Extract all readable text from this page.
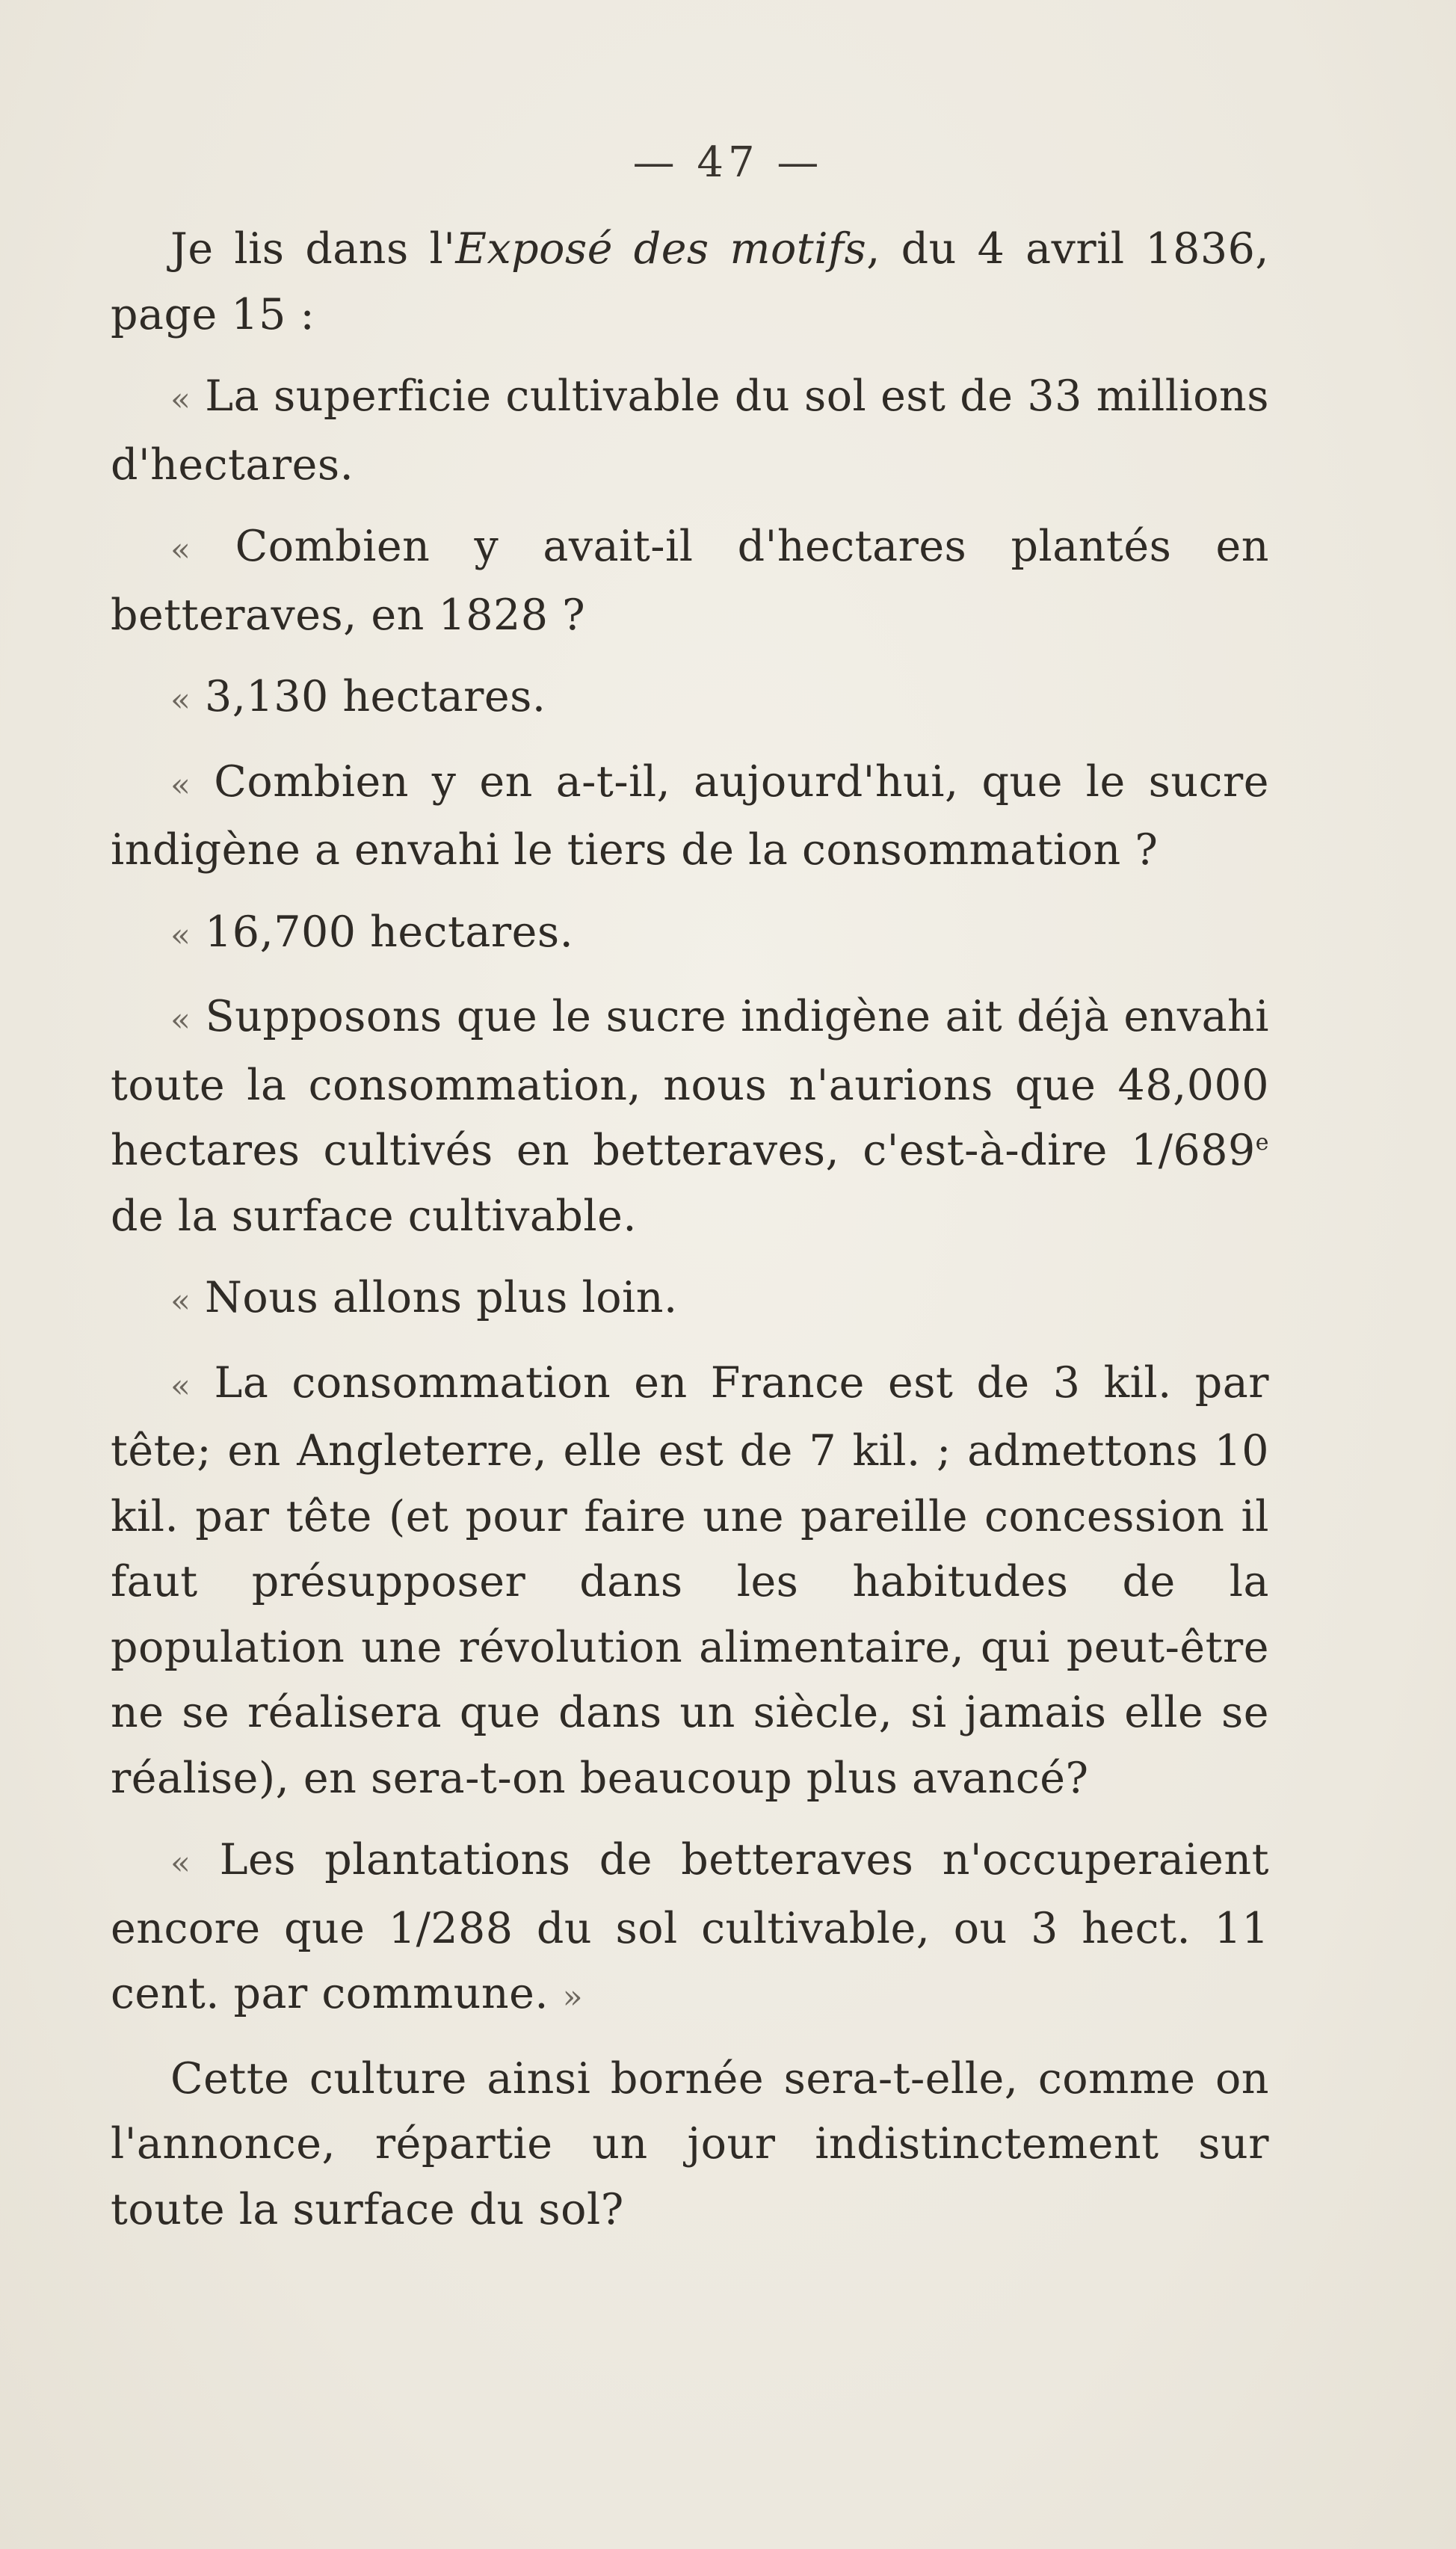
— 47 —

Je lis dans l'Exposé des motifs, du 4 avril 1836, page 15 :

« La superficie cultivable du sol est de 33 millions d'hectares.

« Combien y avait-il d'hectares plantés en betteraves, en 1828 ?

« 3,130 hectares.

« Combien y en a-t-il, aujourd'hui, que le sucre indigène a envahi le tiers de la consommation ?

« 16,700 hectares.

« Supposons que le sucre indigène ait déjà envahi toute la consommation, nous n'aurions que 48,000 hectares cultivés en betteraves, c'est-à-dire 1/689e de la surface cultivable.

« Nous allons plus loin.

« La consommation en France est de 3 kil. par tête; en Angleterre, elle est de 7 kil. ; admettons 10 kil. par tête (et pour faire une pareille concession il faut présupposer dans les habitudes de la population une révolution alimentaire, qui peut-être ne se réalisera que dans un siècle, si jamais elle se réalise), en sera-t-on beaucoup plus avancé?

« Les plantations de betteraves n'occuperaient encore que 1/288 du sol cultivable, ou 3 hect. 11 cent. par commune. »

Cette culture ainsi bornée sera-t-elle, comme on l'annonce, répartie un jour indistinctement sur toute la surface du sol?
